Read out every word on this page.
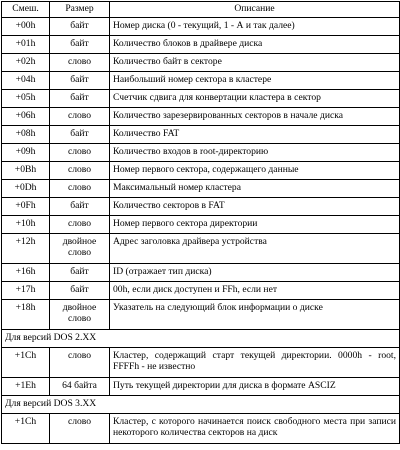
Смеш.	Размер	Описание
+00h	байт	Номер диска (0 - текущий, 1 - А и так далее)
+01h	байт	Количество блоков в драйвере диска
+02h	слово	Количество байт в секторе
+04h	байт	Наибольший номер сектора в кластере
+05h	байт	Счетчик сдвига для конвертации кластера в сектор
+06h	слово	Количество зарезервированных секторов в начале диска
+08h	байт	Количество FAT
+09h	слово	Количество входов в root-директорию
+0Bh	слово	Номер первого сектора, содержащего данные
+0Dh	слово	Максимальный номер кластера
+0Fh	байт	Количество секторов в FAT
+10h	слово	Номер первого сектора директории
+12h	двойное слово	Адрес заголовка драйвера устройства
+16h	байт	ID (отражает тип диска)
+17h	байт	00h, если диск доступен и FFh, если нет
+18h	двойное слово	Указатель на следующий блок информации о диске
Для версий DOS 2.XX		
+1Ch	слово	Кластер, содержащий старт текущей директории. 0000h - root, FFFFh - не известно
+1Eh	64 байта	Путь текущей директории для диска в формате ASCIZ
Для версий DOS 3.XX		
+1Ch	слово	Кластер, с которого начинается поиск свободного места при записи некоторого количества секторов на диск
